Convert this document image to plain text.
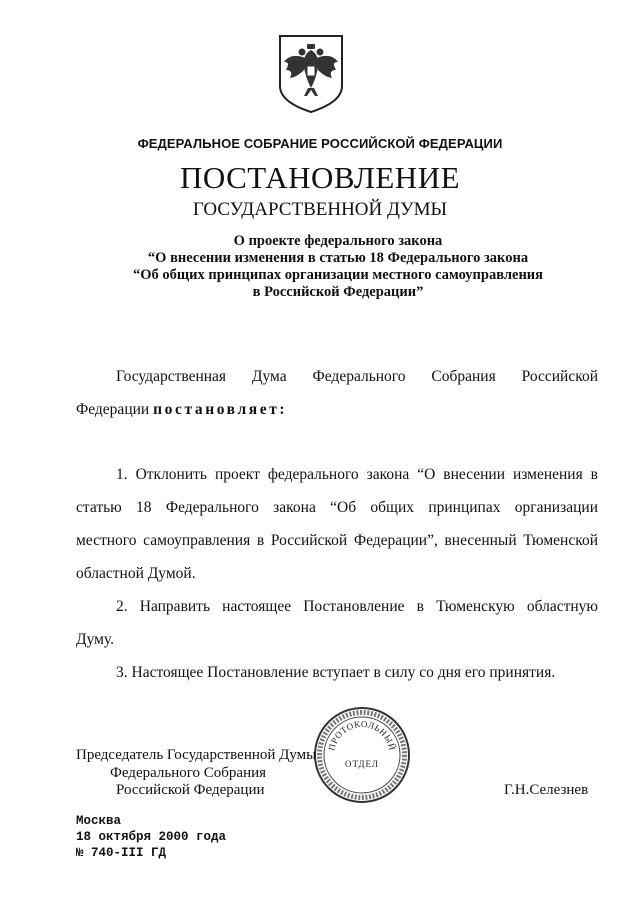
ФЕДЕРАЛЬНОЕ СОБРАНИЕ РОССИЙСКОЙ ФЕДЕРАЦИИ
ПОСТАНОВЛЕНИЕ
ГОСУДАРСТВЕННОЙ ДУМЫ
О проекте федерального закона
“О внесении изменения в статью 18 Федерального закона
“Об общих принципах организации местного самоуправления
в Российской Федерации”
Государственная Дума Федерального Собрания Российской
Федерации постановляет:
1. Отклонить проект федерального закона “О внесении изменения в
статью 18 Федерального закона “Об общих принципах организации
местного самоуправления в Российской Федерации”, внесенный Тюменской
областной Думой.
2. Направить настоящее Постановление в Тюменскую областную
Думу.
3. Настоящее Постановление вступает в силу со дня его принятия.
ПРОТОКОЛЬНЫЙ
ОТДЕЛ
Председатель Государственной Думы
Федерального Собрания
Российской Федерации	Г.Н.Селезнев
Москва
18 октября 2000 года
№ 740-III ГД
